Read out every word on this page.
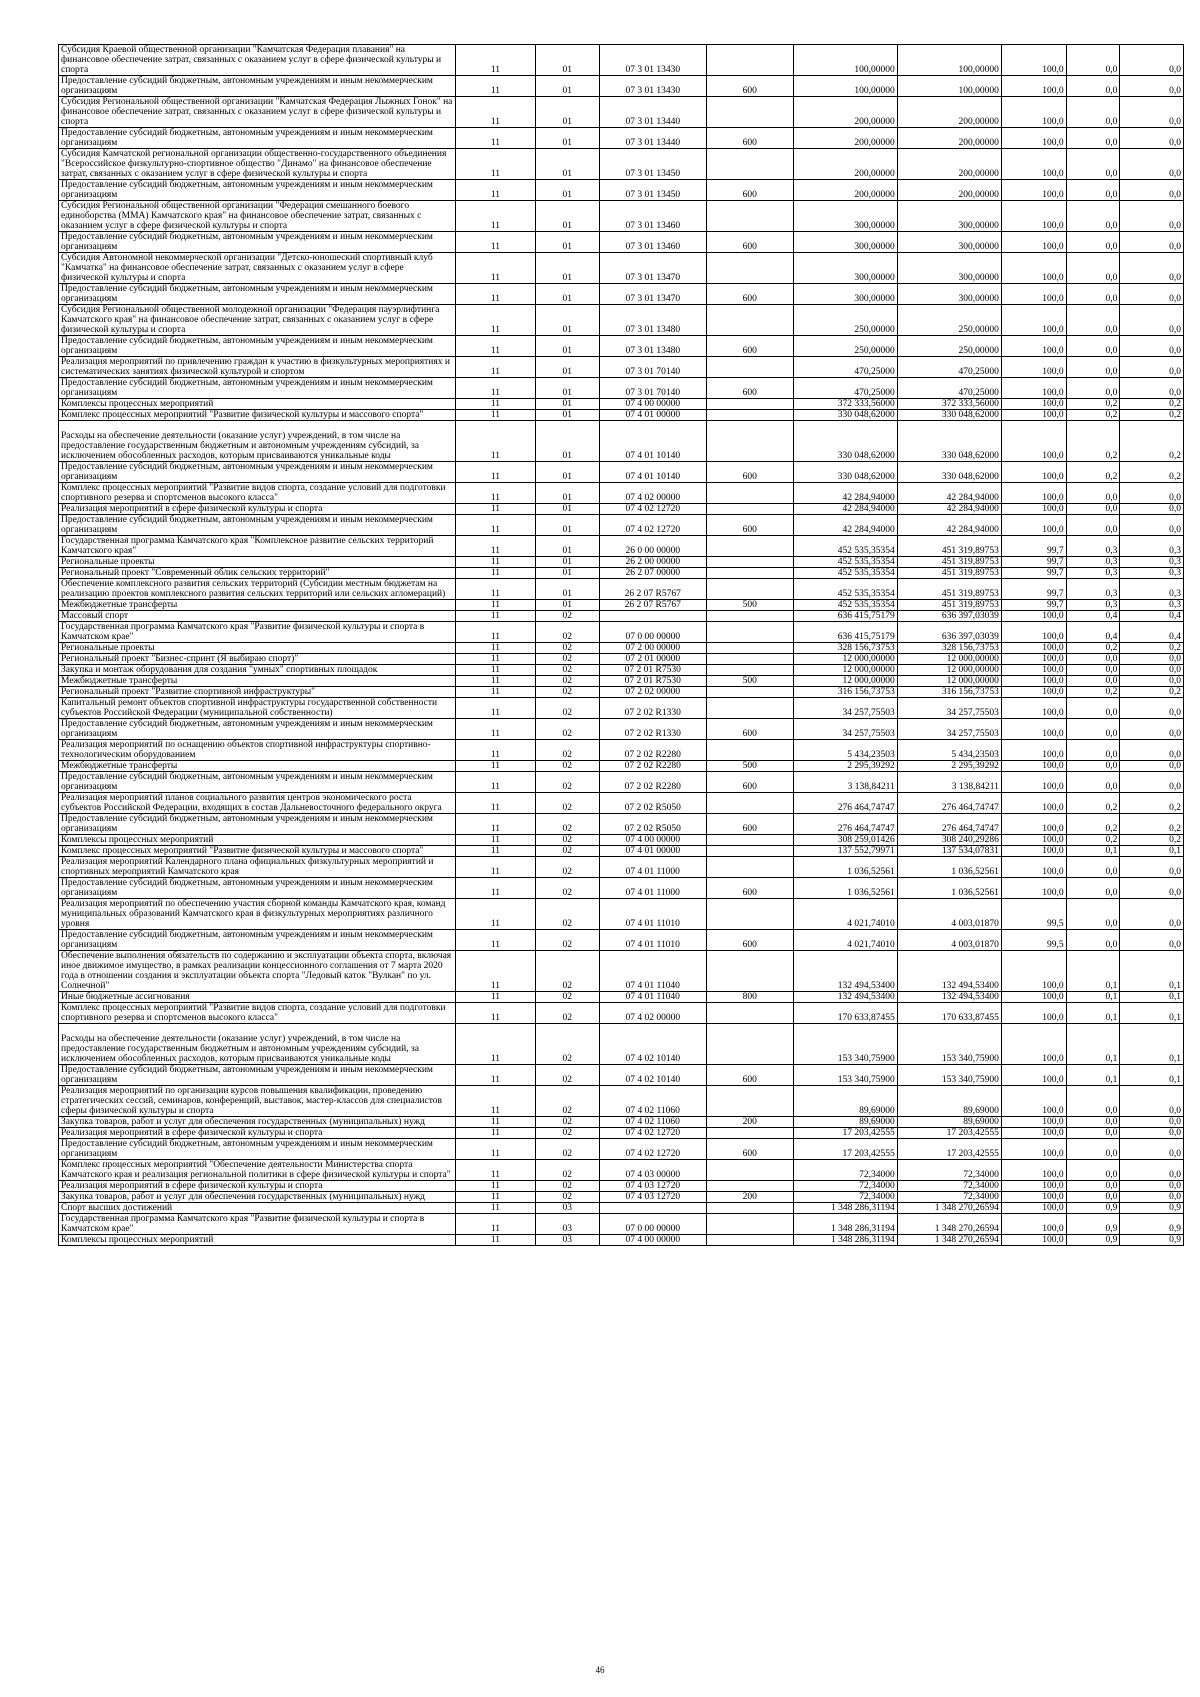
Субсидия Краевой общественной организации "Камчатская Федерация плавания" на финансовое обеспечение затрат, связанных с оказанием услуг в сфере физической культуры и спорта	11	01	07 3 01 13430		100,00000	100,00000	100,0	0,0	0,0
Предоставление субсидий бюджетным, автономным учреждениям и иным некоммерческим организациям	11	01	07 3 01 13430	600	100,00000	100,00000	100,0	0,0	0,0
Субсидия Региональной общественной организации "Камчатская Федерация Лыжных Гонок" на финансовое обеспечение затрат, связанных с оказанием услуг в сфере физической культуры и спорта	11	01	07 3 01 13440		200,00000	200,00000	100,0	0,0	0,0
Предоставление субсидий бюджетным, автономным учреждениям и иным некоммерческим организациям	11	01	07 3 01 13440	600	200,00000	200,00000	100,0	0,0	0,0
Субсидия Камчатской региональной организации общественно-государственного объединения "Всероссийское физкультурно-спортивное общество "Динамо" на финансовое обеспечение затрат, связанных с оказанием услуг в сфере физической культуры и спорта	11	01	07 3 01 13450		200,00000	200,00000	100,0	0,0	0,0
Предоставление субсидий бюджетным, автономным учреждениям и иным некоммерческим организациям	11	01	07 3 01 13450	600	200,00000	200,00000	100,0	0,0	0,0
Субсидия Региональной общественной организации "Федерация смешанного боевого единоборства (ММА) Камчатского края" на финансовое обеспечение затрат, связанных с оказанием услуг в сфере физической культуры и спорта	11	01	07 3 01 13460		300,00000	300,00000	100,0	0,0	0,0
Предоставление субсидий бюджетным, автономным учреждениям и иным некоммерческим организациям	11	01	07 3 01 13460	600	300,00000	300,00000	100,0	0,0	0,0
Субсидия Автономной некоммерческой организации "Детско-юношеский спортивный клуб "Камчатка" на финансовое обеспечение затрат, связанных с оказанием услуг в сфере физической культуры и спорта	11	01	07 3 01 13470		300,00000	300,00000	100,0	0,0	0,0
Предоставление субсидий бюджетным, автономным учреждениям и иным некоммерческим организациям	11	01	07 3 01 13470	600	300,00000	300,00000	100,0	0,0	0,0
Субсидия Региональной общественной молодежной организации "Федерация пауэрлифтинга Камчатского края" на финансовое обеспечение затрат, связанных с оказанием услуг в сфере физической культуры и спорта	11	01	07 3 01 13480		250,00000	250,00000	100,0	0,0	0,0
Предоставление субсидий бюджетным, автономным учреждениям и иным некоммерческим организациям	11	01	07 3 01 13480	600	250,00000	250,00000	100,0	0,0	0,0
Реализация мероприятий по привлечению граждан к участию в физкультурных мероприятиях и систематических занятиях физической культурой и спортом	11	01	07 3 01 70140		470,25000	470,25000	100,0	0,0	0,0
Предоставление субсидий бюджетным, автономным учреждениям и иным некоммерческим организациям	11	01	07 3 01 70140	600	470,25000	470,25000	100,0	0,0	0,0
Комплексы процессных мероприятий	11	01	07 4 00 00000		372 333,56000	372 333,56000	100,0	0,2	0,2
Комплекс процессных мероприятий "Развитие физической культуры и массового спорта"	11	01	07 4 01 00000		330 048,62000	330 048,62000	100,0	0,2	0,2
Расходы на обеспечение деятельности (оказание услуг) учреждений, в том числе на предоставление государственным бюджетным и автономным учреждениям субсидий, за исключением обособленных расходов, которым присваиваются уникальные коды	11	01	07 4 01 10140		330 048,62000	330 048,62000	100,0	0,2	0,2
Предоставление субсидий бюджетным, автономным учреждениям и иным некоммерческим организациям	11	01	07 4 01 10140	600	330 048,62000	330 048,62000	100,0	0,2	0,2
Комплекс процессных мероприятий "Развитие видов спорта, создание условий для подготовки спортивного резерва и спортсменов высокого класса"	11	01	07 4 02 00000		42 284,94000	42 284,94000	100,0	0,0	0,0
Реализация мероприятий в сфере физической культуры и спорта	11	01	07 4 02 12720		42 284,94000	42 284,94000	100,0	0,0	0,0
Предоставление субсидий бюджетным, автономным учреждениям и иным некоммерческим организациям	11	01	07 4 02 12720	600	42 284,94000	42 284,94000	100,0	0,0	0,0
Государственная программа Камчатского края "Комплексное развитие сельских территорий Камчатского края"	11	01	26 0 00 00000		452 535,35354	451 319,89753	99,7	0,3	0,3
Региональные проекты	11	01	26 2 00 00000		452 535,35354	451 319,89753	99,7	0,3	0,3
Региональный проект "Современный облик сельских территорий"	11	01	26 2 07 00000		452 535,35354	451 319,89753	99,7	0,3	0,3
Обеспечение комплексного развития сельских территорий (Субсидии местным бюджетам на реализацию проектов комплексного развития сельских территорий или сельских агломераций)	11	01	26 2 07 R5767		452 535,35354	451 319,89753	99,7	0,3	0,3
Межбюджетные трансферты	11	01	26 2 07 R5767	500	452 535,35354	451 319,89753	99,7	0,3	0,3
Массовый спорт	11	02			636 415,75179	636 397,03039	100,0	0,4	0,4
Государственная программа Камчатского края "Развитие физической культуры и спорта в Камчатском крае"	11	02	07 0 00 00000		636 415,75179	636 397,03039	100,0	0,4	0,4
Региональные проекты	11	02	07 2 00 00000		328 156,73753	328 156,73753	100,0	0,2	0,2
Региональный проект "Бизнес-спринт (Я выбираю спорт)"	11	02	07 2 01 00000		12 000,00000	12 000,00000	100,0	0,0	0,0
Закупка и монтаж оборудования для создания "умных" спортивных площадок	11	02	07 2 01 R7530		12 000,00000	12 000,00000	100,0	0,0	0,0
Межбюджетные трансферты	11	02	07 2 01 R7530	500	12 000,00000	12 000,00000	100,0	0,0	0,0
Региональный проект "Развитие спортивной инфраструктуры"	11	02	07 2 02 00000		316 156,73753	316 156,73753	100,0	0,2	0,2
Капитальный ремонт объектов спортивной инфраструктуры государственной собственности субъектов Российской Федерации (муниципальной собственности)	11	02	07 2 02 R1330		34 257,75503	34 257,75503	100,0	0,0	0,0
Предоставление субсидий бюджетным, автономным учреждениям и иным некоммерческим организациям	11	02	07 2 02 R1330	600	34 257,75503	34 257,75503	100,0	0,0	0,0
Реализация мероприятий по оснащению объектов спортивной инфраструктуры спортивно-технологическим оборудованием	11	02	07 2 02 R2280		5 434,23503	5 434,23503	100,0	0,0	0,0
Межбюджетные трансферты	11	02	07 2 02 R2280	500	2 295,39292	2 295,39292	100,0	0,0	0,0
Предоставление субсидий бюджетным, автономным учреждениям и иным некоммерческим организациям	11	02	07 2 02 R2280	600	3 138,84211	3 138,84211	100,0	0,0	0,0
Реализация мероприятий планов социального развития центров экономического роста субъектов Российской Федерации, входящих в состав Дальневосточного федерального округа	11	02	07 2 02 R5050		276 464,74747	276 464,74747	100,0	0,2	0,2
Предоставление субсидий бюджетным, автономным учреждениям и иным некоммерческим организациям	11	02	07 2 02 R5050	600	276 464,74747	276 464,74747	100,0	0,2	0,2
Комплексы процессных мероприятий	11	02	07 4 00 00000		308 259,01426	308 240,29286	100,0	0,2	0,2
Комплекс процессных мероприятий "Развитие физической культуры и массового спорта"	11	02	07 4 01 00000		137 552,79971	137 534,07831	100,0	0,1	0,1
Реализация мероприятий Календарного плана официальных физкультурных мероприятий и спортивных мероприятий Камчатского края	11	02	07 4 01 11000		1 036,52561	1 036,52561	100,0	0,0	0,0
Предоставление субсидий бюджетным, автономным учреждениям и иным некоммерческим организациям	11	02	07 4 01 11000	600	1 036,52561	1 036,52561	100,0	0,0	0,0
Реализация мероприятий по обеспечению участия сборной команды Камчатского края, команд муниципальных образований Камчатского края в физкультурных мероприятиях различного уровня	11	02	07 4 01 11010		4 021,74010	4 003,01870	99,5	0,0	0,0
Предоставление субсидий бюджетным, автономным учреждениям и иным некоммерческим организациям	11	02	07 4 01 11010	600	4 021,74010	4 003,01870	99,5	0,0	0,0
Обеспечение выполнения обязательств по содержанию и эксплуатации объекта спорта, включая иное движимое имущество, в рамках реализации концессионного соглашения от 7 марта 2020 года в отношении создания и эксплуатации объекта спорта "Ледовый каток "Вулкан" по ул. Солнечной"	11	02	07 4 01 11040		132 494,53400	132 494,53400	100,0	0,1	0,1
Иные бюджетные ассигнования	11	02	07 4 01 11040	800	132 494,53400	132 494,53400	100,0	0,1	0,1
Комплекс процессных мероприятий "Развитие видов спорта, создание условий для подготовки спортивного резерва и спортсменов высокого класса"	11	02	07 4 02 00000		170 633,87455	170 633,87455	100,0	0,1	0,1
Расходы на обеспечение деятельности (оказание услуг) учреждений, в том числе на предоставление государственным бюджетным и автономным учреждениям субсидий, за исключением обособленных расходов, которым присваиваются уникальные коды	11	02	07 4 02 10140		153 340,75900	153 340,75900	100,0	0,1	0,1
Предоставление субсидий бюджетным, автономным учреждениям и иным некоммерческим организациям	11	02	07 4 02 10140	600	153 340,75900	153 340,75900	100,0	0,1	0,1
Реализация мероприятий по организации курсов повышения квалификации, проведению стратегических сессий, семинаров, конференций, выставок, мастер-классов для специалистов сферы физической культуры и спорта	11	02	07 4 02 11060		89,69000	89,69000	100,0	0,0	0,0
Закупка товаров, работ и услуг для обеспечения государственных (муниципальных) нужд	11	02	07 4 02 11060	200	89,69000	89,69000	100,0	0,0	0,0
Реализация мероприятий в сфере физической культуры и спорта	11	02	07 4 02 12720		17 203,42555	17 203,42555	100,0	0,0	0,0
Предоставление субсидий бюджетным, автономным учреждениям и иным некоммерческим организациям	11	02	07 4 02 12720	600	17 203,42555	17 203,42555	100,0	0,0	0,0
Комплекс процессных мероприятий "Обеспечение деятельности Министерства спорта Камчатского края и реализация региональной политики в сфере физической культуры и спорта"	11	02	07 4 03 00000		72,34000	72,34000	100,0	0,0	0,0
Реализация мероприятий в сфере физической культуры и спорта	11	02	07 4 03 12720		72,34000	72,34000	100,0	0,0	0,0
Закупка товаров, работ и услуг для обеспечения государственных (муниципальных) нужд	11	02	07 4 03 12720	200	72,34000	72,34000	100,0	0,0	0,0
Спорт высших достижений	11	03			1 348 286,31194	1 348 270,26594	100,0	0,9	0,9
Государственная программа Камчатского края "Развитие физической культуры и спорта в Камчатском крае"	11	03	07 0 00 00000		1 348 286,31194	1 348 270,26594	100,0	0,9	0,9
Комплексы процессных мероприятий	11	03	07 4 00 00000		1 348 286,31194	1 348 270,26594	100,0	0,9	0,9
46
